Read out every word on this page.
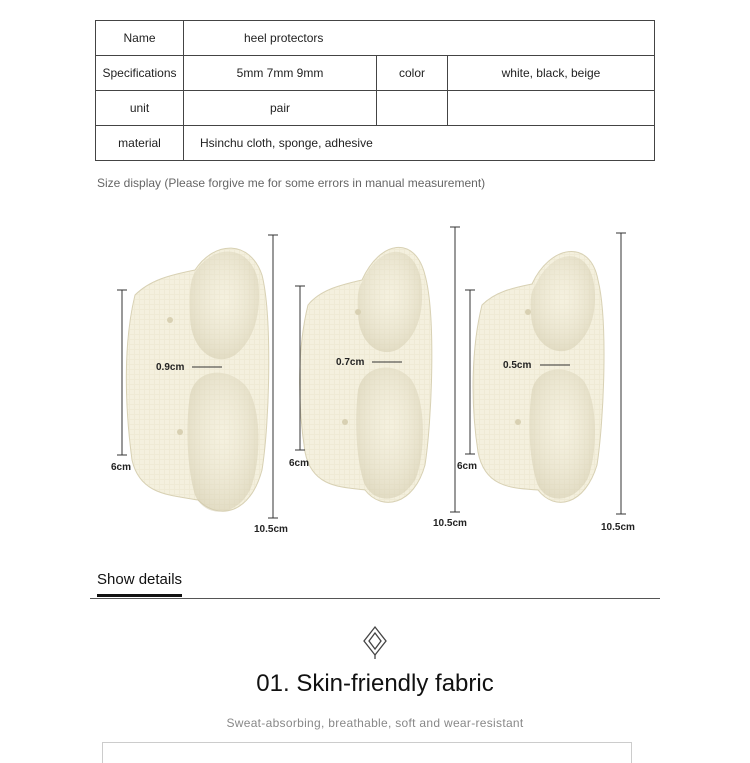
Name	heel protectors		
Specifications	5mm 7mm 9mm	color	white, black, beige
unit	pair		
material	Hsinchu cloth, sponge, adhesive		
Size display (Please forgive me for some errors in manual measurement)
0.9cm
6cm
10.5cm
0.7cm
6cm
10.5cm
0.5cm
6cm
10.5cm
Show details
01. Skin-friendly fabric
Sweat-absorbing, breathable, soft and wear-resistant
